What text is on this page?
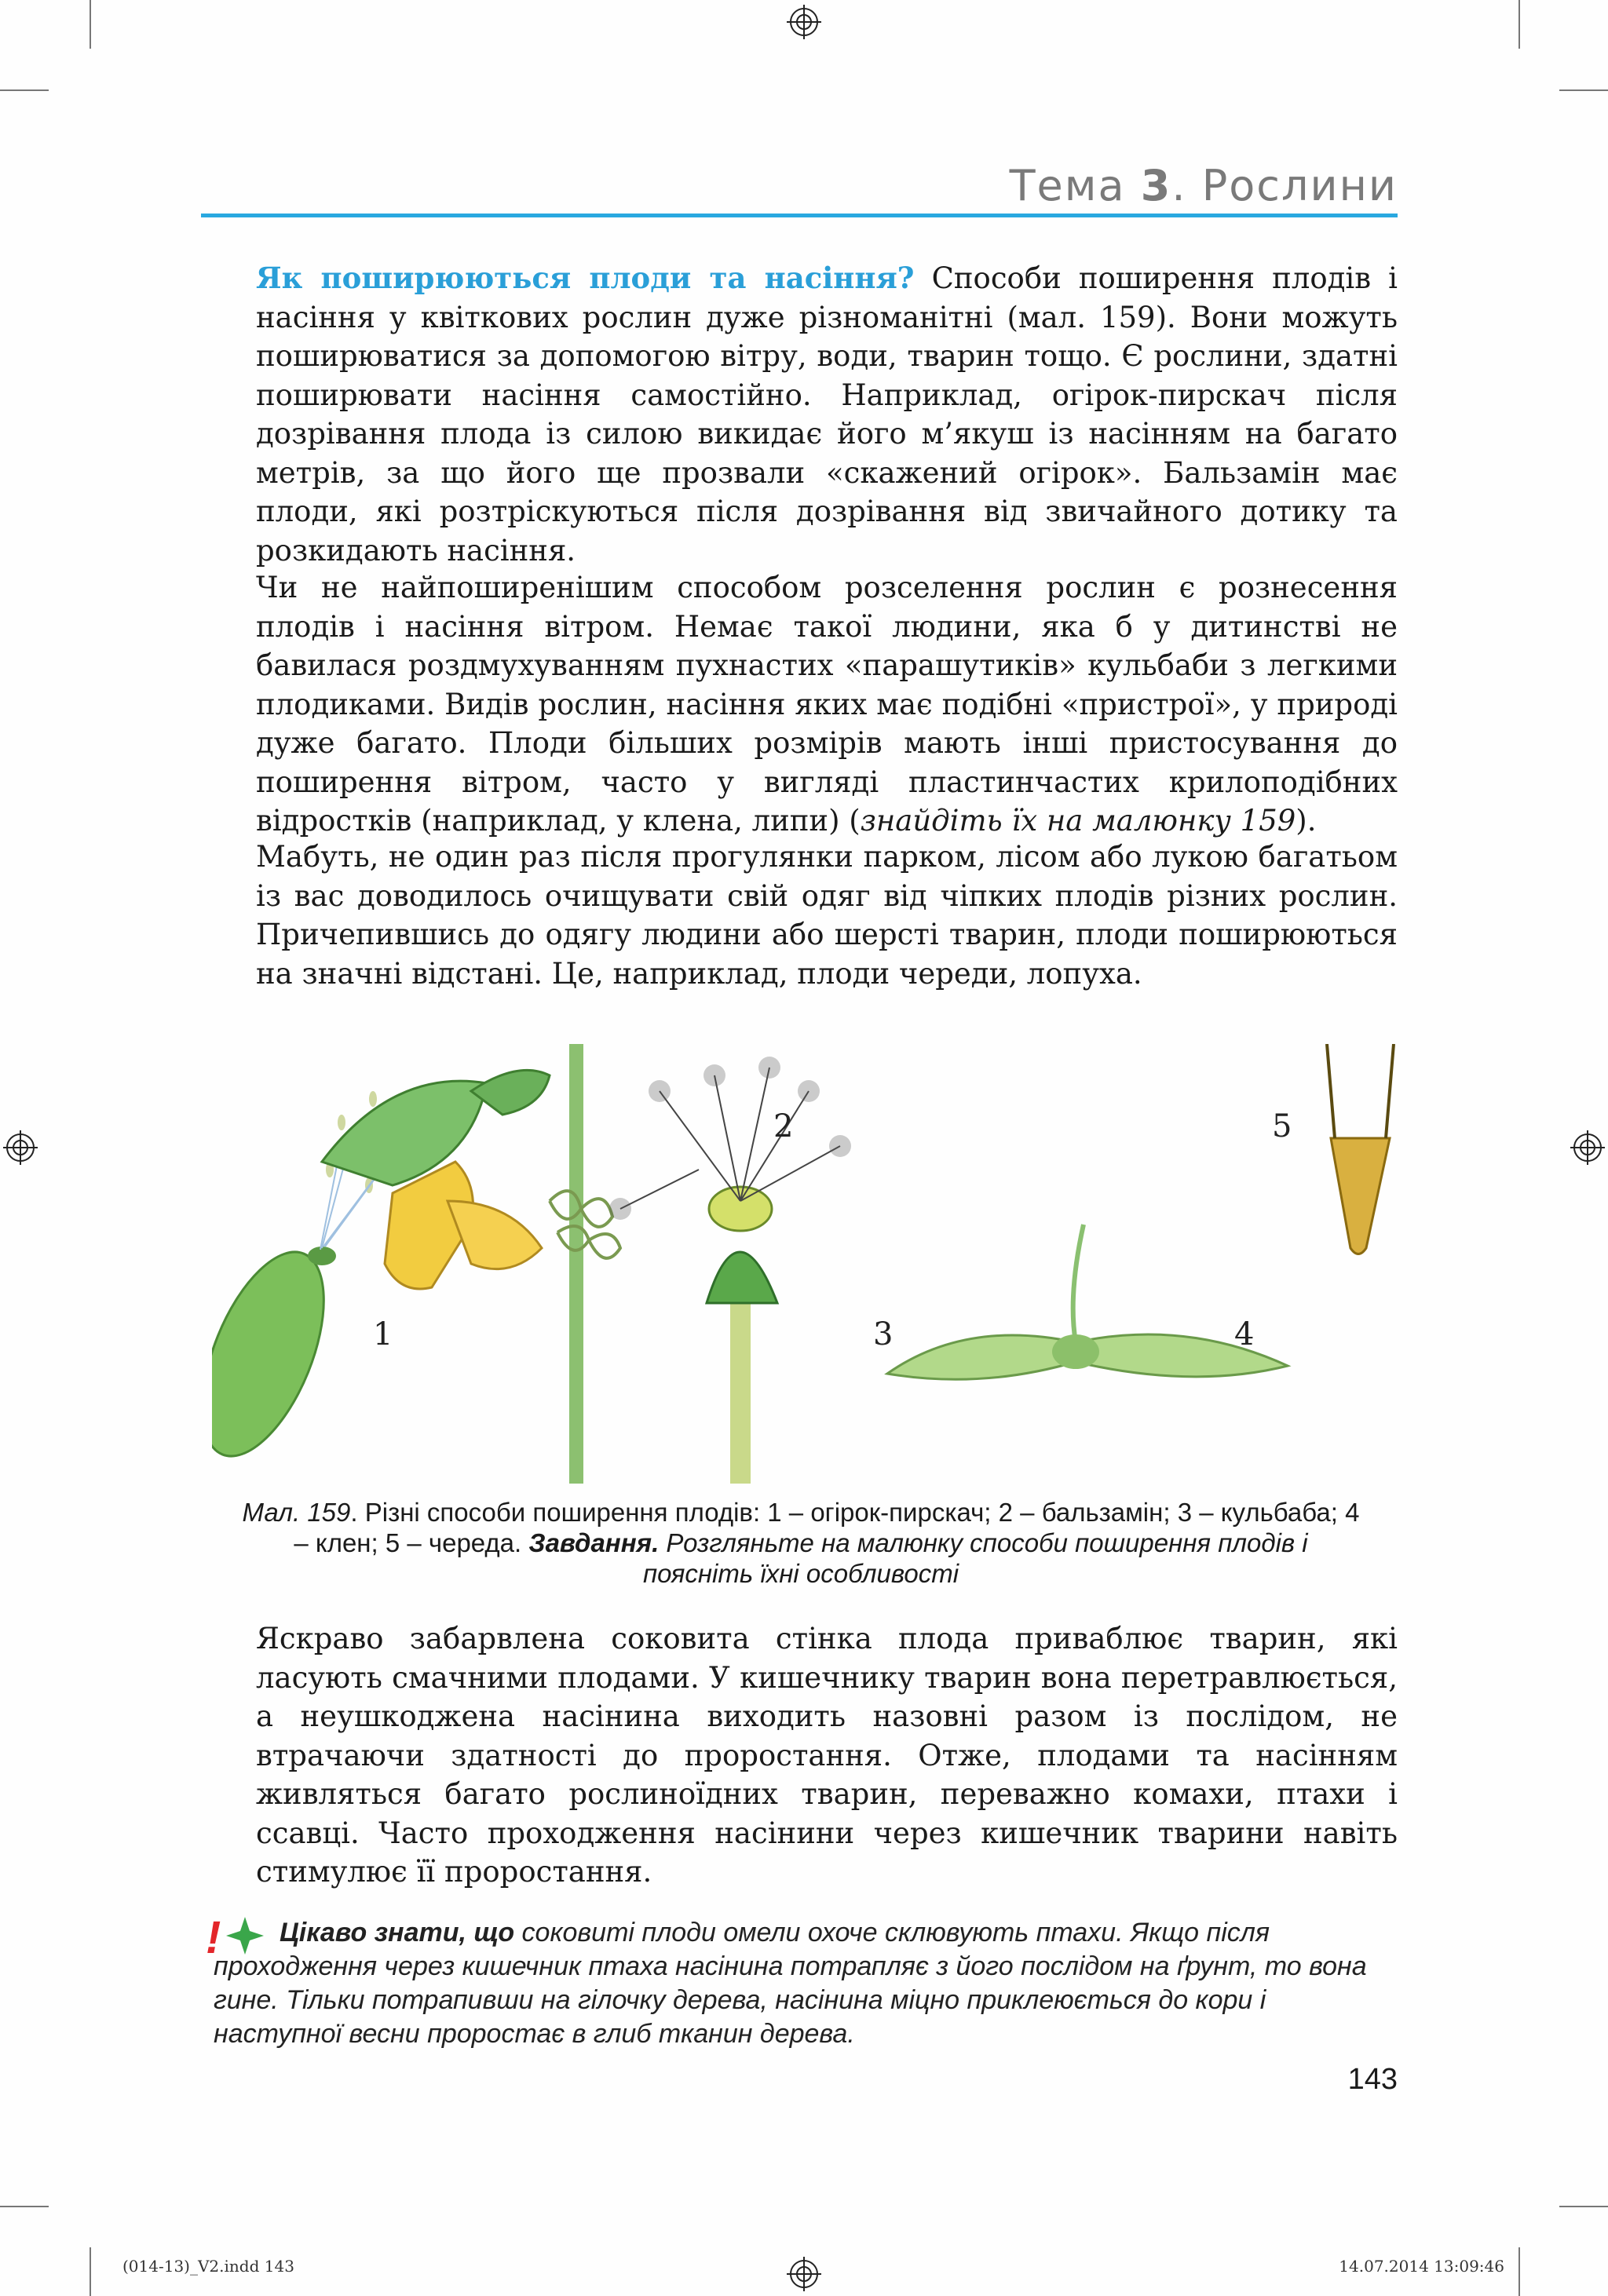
Тема 3. Рослини
Як поширюються плоди та насіння? Способи поширення плодів і насіння у квіткових рослин дуже різноманітні (мал. 159). Вони можуть поширюватися за допомогою вітру, води, тварин тощо. Є рослини, здатні поширювати насіння самостійно. Наприклад, огірок-пирскач після дозрівання плода із силою викидає його м’якуш із насінням на багато метрів, за що його ще прозвали «скажений огірок». Бальзамін має плоди, які розтріскуються після дозрівання від звичайного дотику та розкидають насіння.
Чи не найпоширенішим способом розселення рослин є рознесення плодів і насіння вітром. Немає такої людини, яка б у дитинстві не бавилася роздмухуванням пухнастих «парашутиків» кульбаби з легкими плодиками. Видів рослин, насіння яких має подібні «пристрої», у природі дуже багато. Плоди більших розмірів мають інші пристосування до поширення вітром, часто у вигляді пластинчастих крилоподібних відростків (наприклад, у клена, липи) (знайдіть їх на малюнку 159).
Мабуть, не один раз після прогулянки парком, лісом або лукою багатьом із вас доводилось очищувати свій одяг від чіпких плодів різних рослин. Причепившись до одягу людини або шерсті тварин, плоди поширюються на значні відстані. Це, наприклад, плоди череди, лопуха.
1
2
3	4
5
Мал. 159. Різні способи поширення плодів: 1 – огірок-пирскач; 2 – бальзамін; 3 – кульбаба; 4 – клен; 5 – череда. Завдання. Розгляньте на малюнку способи поширення плодів і поясніть їхні особливості
Яскраво забарвлена соковита стінка плода приваблює тварин, які ласують смачними плодами. У кишечнику тварин вона перетравлюється, а неушкоджена насінина виходить назовні разом із послідом, не втрачаючи здатності до проростання. Отже, плодами та насінням живляться багато рослиноїдних тварин, переважно комахи, птахи і ссавці. Часто проходження насінини через кишечник тварини навіть стимулює її проростання.
!	Цікаво знати, що соковиті плоди омели охоче склювують птахи. Якщо після проходження через кишечник птаха насінина потрапляє з його послідом на ґрунт, то вона гине. Тільки потрапивши на гілочку дерева, насінина міцно приклеюється до кори і наступної весни проростає в глиб тканин дерева.
143
(014-13)_V2.indd 143	14.07.2014 13:09:46
